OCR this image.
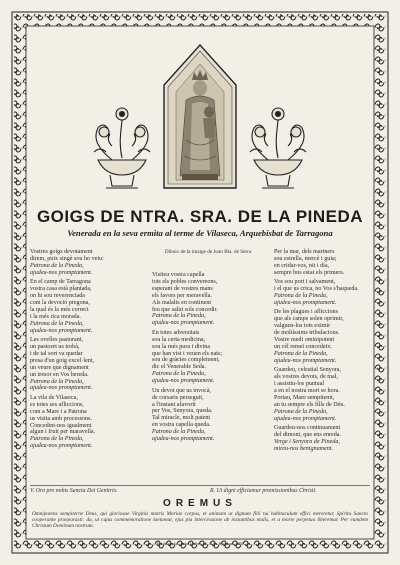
GOIGS DE NTRA. SRA. DE LA PINEDA
Venerada en la seva ermita al terme de Vilaseca, Arquebisbat de Tarragona

Vostres goigs devotament
direm, puix singè sou ho veiu:
Patrona de la Pineda,
ajudeu-nos promptament.

En el camp de Tarragona
vostra casa està plantada,
on hi sou reverenciada
com la devoció pregona,
la qual és la més correct
i la més rica morada.
Patrona de la Pineda,
ajudeu-nos promptament.

Les ovelles pasturant,
un pastoret us trobà,
i de tal sort va quedar
presa d'un goig excel·lent,
un veure que dignament
un tresor en Vos hereda.
Patrona de la Pineda,
ajudeu-nos promptament.

La vila de Vilaseca,
es totes ses afliccions,
com a Mare i a Patrona
us visita amb processons.
Concedint-nos igualment
algun i fruit per maravella.
Patrona de la Pineda,
ajudeu-nos promptament.

Visiteu vostra capella
tots els pobles convereons,
esperant de vostres mans
els favors per meravella.
Als malalts en continent
feu que salut sols concedir.
Patrona de la Pineda,
ajudeu-nos promptament.

En totes adversitats
sou la certa medicina,
sou la més pura i divina
que han vist i veuen els nats;
sou de gràcies complement,
dic el Venerable Seda.
Patrona de la Pineda,
ajudeu-nos promptament.

Un devot que us invocà,
de corsaris perseguit,
a l'instant afavorit
per Vos, Senyora, queda.
Tal miracle, molt patent
en vostra capella queda.
Patrona de la Pineda,
ajudeu-nos promptament.

Per la mar, dels mariners
sou estrella, mercè i guia;
en cridar-vos, nit i dia,
sempre bus estat els primers.

Vos sou port i salvament,
i el que us crica, no Vos s'haqueda.
Patrona de la Pineda,
ajudeu-nos promptament.

De les plagues i afliccions
que als camps solen oprimir,
valguen-los tots eximir
de moltíssims tribulacions.
Vostre medi ominipotent
un cèl remei concedeix.
Patrona de la Pineda,
ajudeu-nos promptament.

Guardeu, celestial Senyora,
als vostres devots, de mal,
i assistiu-los puntual
a en el nostra mort se hora.
Portau, Mare sempitemt,
an tu sempre els fills de Déu.
Patrona de la Pineda,
ajudeu-nos promptament.

Guardeu-nos continuament
del dimoni, que ens enreda.
Verge i Senyora de Pineda,
mireu-nos benignament.

Dibuix de la imatge de Joan Bta. de Serra
V. Ora pro nobis Sancta Dei Genitrix.	R. Ut digni efficiamur promissionibus Christi.
OREMUS
Omnipotens sempiterne Deus, qui gloriosae Virginis matris Mariae corpus, et animam ut dignum filii tui habitaculum effici mereretur, Spiritu Sancto cooperante praeparasti: da, ut cujus commemoratione laetamur, ejus pia intercessione ab instantibus malis, et a morte perpetua liberemur. Per eumdem Christum Dominum nostrum.
Fotolitografia · Balm G. Pere, 45, 3r.A · Barcelona, 1983
